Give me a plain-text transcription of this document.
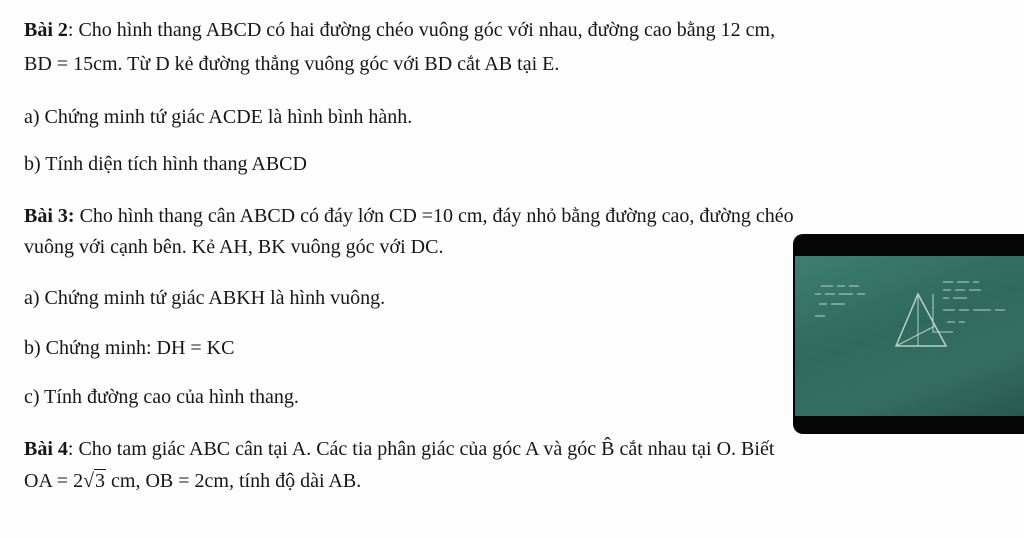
Bài 2: Cho hình thang ABCD có hai đường chéo vuông góc với nhau, đường cao bằng 12 cm,
BD = 15cm. Từ D kẻ đường thẳng vuông góc với BD cắt AB tại E.
a) Chứng minh tứ giác ACDE là hình bình hành.
b) Tính diện tích hình thang ABCD
Bài 3: Cho hình thang cân ABCD có đáy lớn CD =10 cm, đáy nhỏ bằng đường cao, đường chéo
vuông với cạnh bên. Kẻ AH, BK vuông góc với DC.
a) Chứng minh tứ giác ABKH là hình vuông.
b) Chứng minh: DH = KC
c) Tính đường cao của hình thang.
Bài 4: Cho tam giác ABC cân tại A. Các tia phân giác của góc A và góc B̂ cắt nhau tại O. Biết
OA = 2√3 cm, OB = 2cm, tính độ dài AB.
